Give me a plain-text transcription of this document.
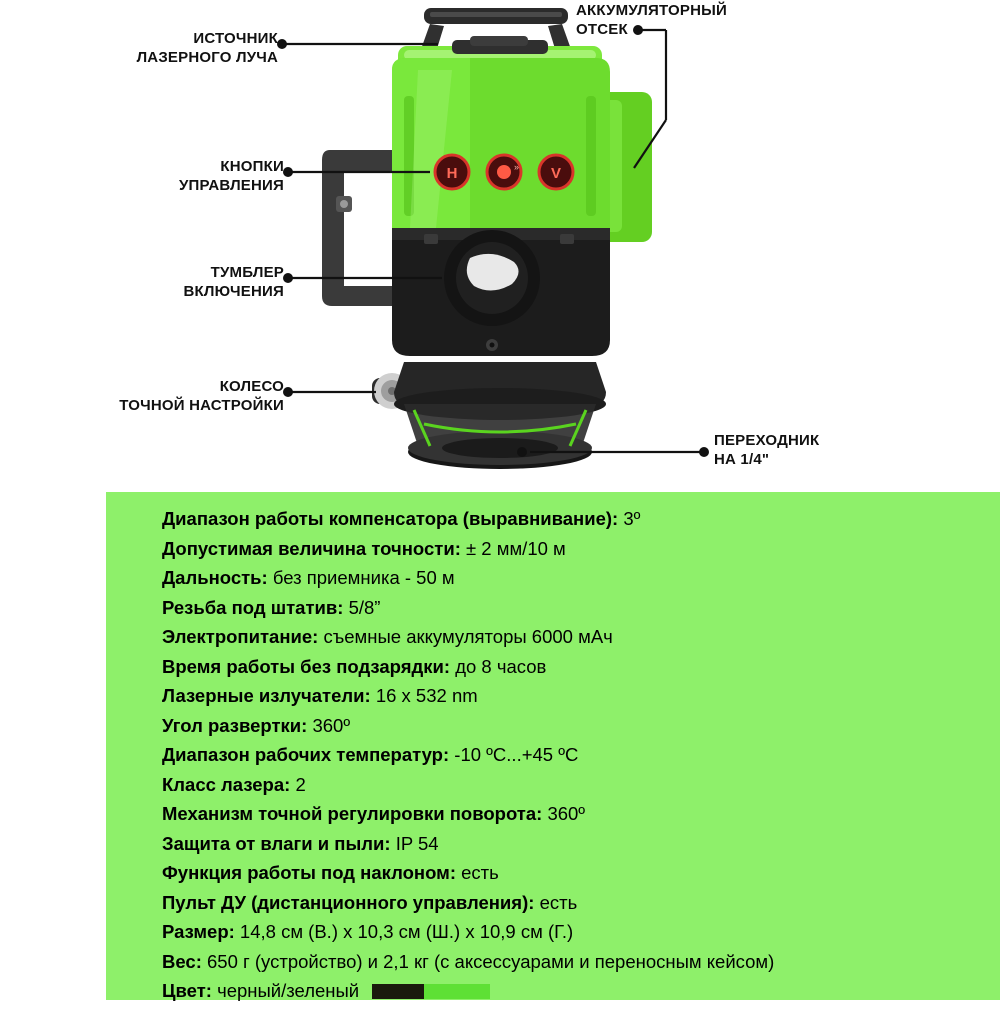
H	» V
ИСТОЧНИК
ЛАЗЕРНОГО ЛУЧА
АККУМУЛЯТОРНЫЙ
ОТСЕК
КНОПКИ
УПРАВЛЕНИЯ
ТУМБЛЕР
ВКЛЮЧЕНИЯ
КОЛЕСО
ТОЧНОЙ НАСТРОЙКИ
ПЕРЕХОДНИК
НА 1/4"
Диапазон работы компенсатора (выравнивание): 3º
Допустимая величина точности: ± 2 мм/10 м
Дальность: без приемника - 50 м
Резьба под штатив: 5/8”
Электропитание: съемные аккумуляторы 6000 мАч
Время работы без подзарядки: до 8 часов
Лазерные излучатели: 16 x 532 nm
Угол развертки: 360º
Диапазон рабочих температур: -10 ºC...+45 ºC
Класс лазера: 2
Механизм точной регулировки поворота: 360º
Защита от влаги и пыли: IP 54
Функция работы под наклоном: есть
Пульт ДУ (дистанционного управления): есть
Размер: 14,8 см (В.) x 10,3 см (Ш.) x 10,9 см (Г.)
Вес: 650 г (устройство) и 2,1 кг (с аксессуарами и переносным кейсом)
Цвет: черный/зеленый
